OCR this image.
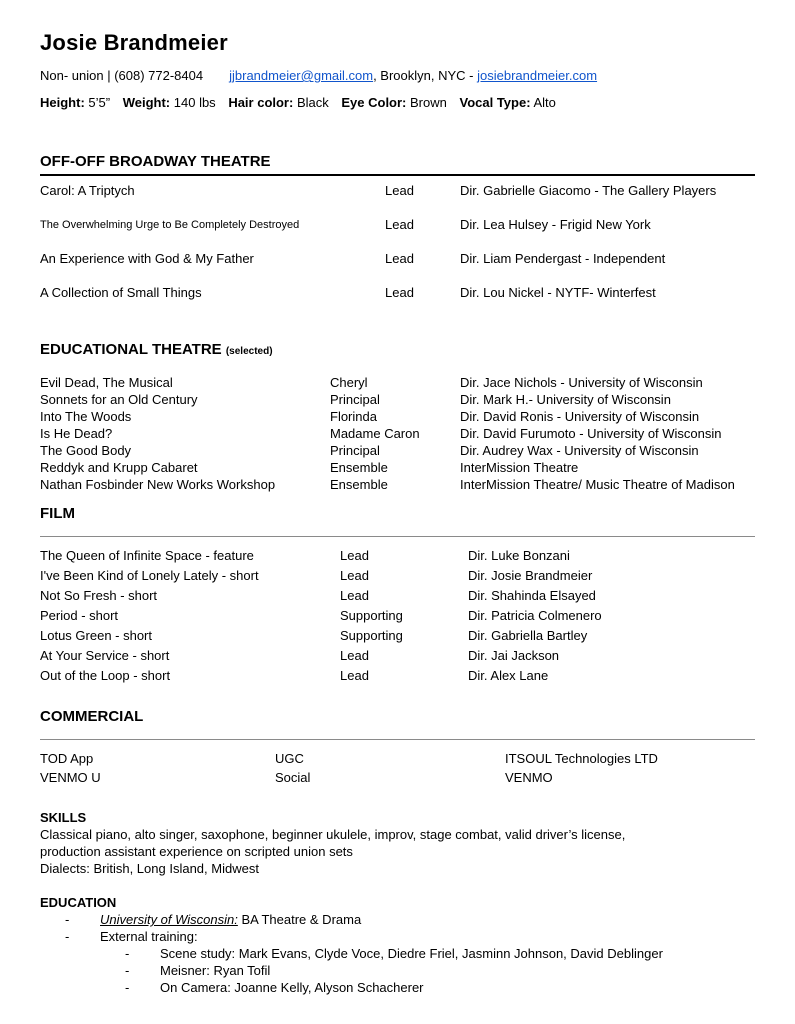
Josie Brandmeier

Non- union | (608) 772-8404 jjbrandmeier@gmail.com, Brooklyn, NYC - josiebrandmeier.com

Height: 5’5” Weight: 140 lbs Hair color: Black Eye Color: Brown Vocal Type: Alto

OFF-OFF BROADWAY THEATRE
Carol: A Triptych	Lead	Dir. Gabrielle Giacomo - The Gallery Players
The Overwhelming Urge to Be Completely Destroyed	Lead	Dir. Lea Hulsey - Frigid New York
An Experience with God & My Father	Lead	Dir. Liam Pendergast - Independent
A Collection of Small Things	Lead	Dir. Lou Nickel - NYTF- Winterfest
EDUCATIONAL THEATRE (selected)
Evil Dead, The Musical	Cheryl	Dir. Jace Nichols - University of Wisconsin
Sonnets for an Old Century	Principal	Dir. Mark H.- University of Wisconsin
Into The Woods	Florinda	Dir. David Ronis - University of Wisconsin
Is He Dead?	Madame Caron	Dir. David Furumoto - University of Wisconsin
The Good Body	Principal	Dir. Audrey Wax - University of Wisconsin
Reddyk and Krupp Cabaret	Ensemble	InterMission Theatre
Nathan Fosbinder New Works Workshop	Ensemble	InterMission Theatre/ Music Theatre of Madison
FILM
The Queen of Infinite Space - feature	Lead	Dir. Luke Bonzani
I've Been Kind of Lonely Lately - short	Lead	Dir. Josie Brandmeier
Not So Fresh - short	Lead	Dir. Shahinda Elsayed
Period - short	Supporting	Dir. Patricia Colmenero
Lotus Green - short	Supporting	Dir. Gabriella Bartley
At Your Service - short	Lead	Dir. Jai Jackson
Out of the Loop - short	Lead	Dir. Alex Lane
COMMERCIAL
TOD App	UGC	ITSOUL Technologies LTD
VENMO U	Social	VENMO
SKILLS
Classical piano, alto singer, saxophone, beginner ukulele, improv, stage combat, valid driver’s license,
production assistant experience on scripted union sets
Dialects: British, Long Island, Midwest
EDUCATION
-	University of Wisconsin: BA Theatre & Drama
-	External training:
-	Scene study: Mark Evans, Clyde Voce, Diedre Friel, Jasminn Johnson, David Deblinger
-	Meisner: Ryan Tofil
-	On Camera: Joanne Kelly, Alyson Schacherer
